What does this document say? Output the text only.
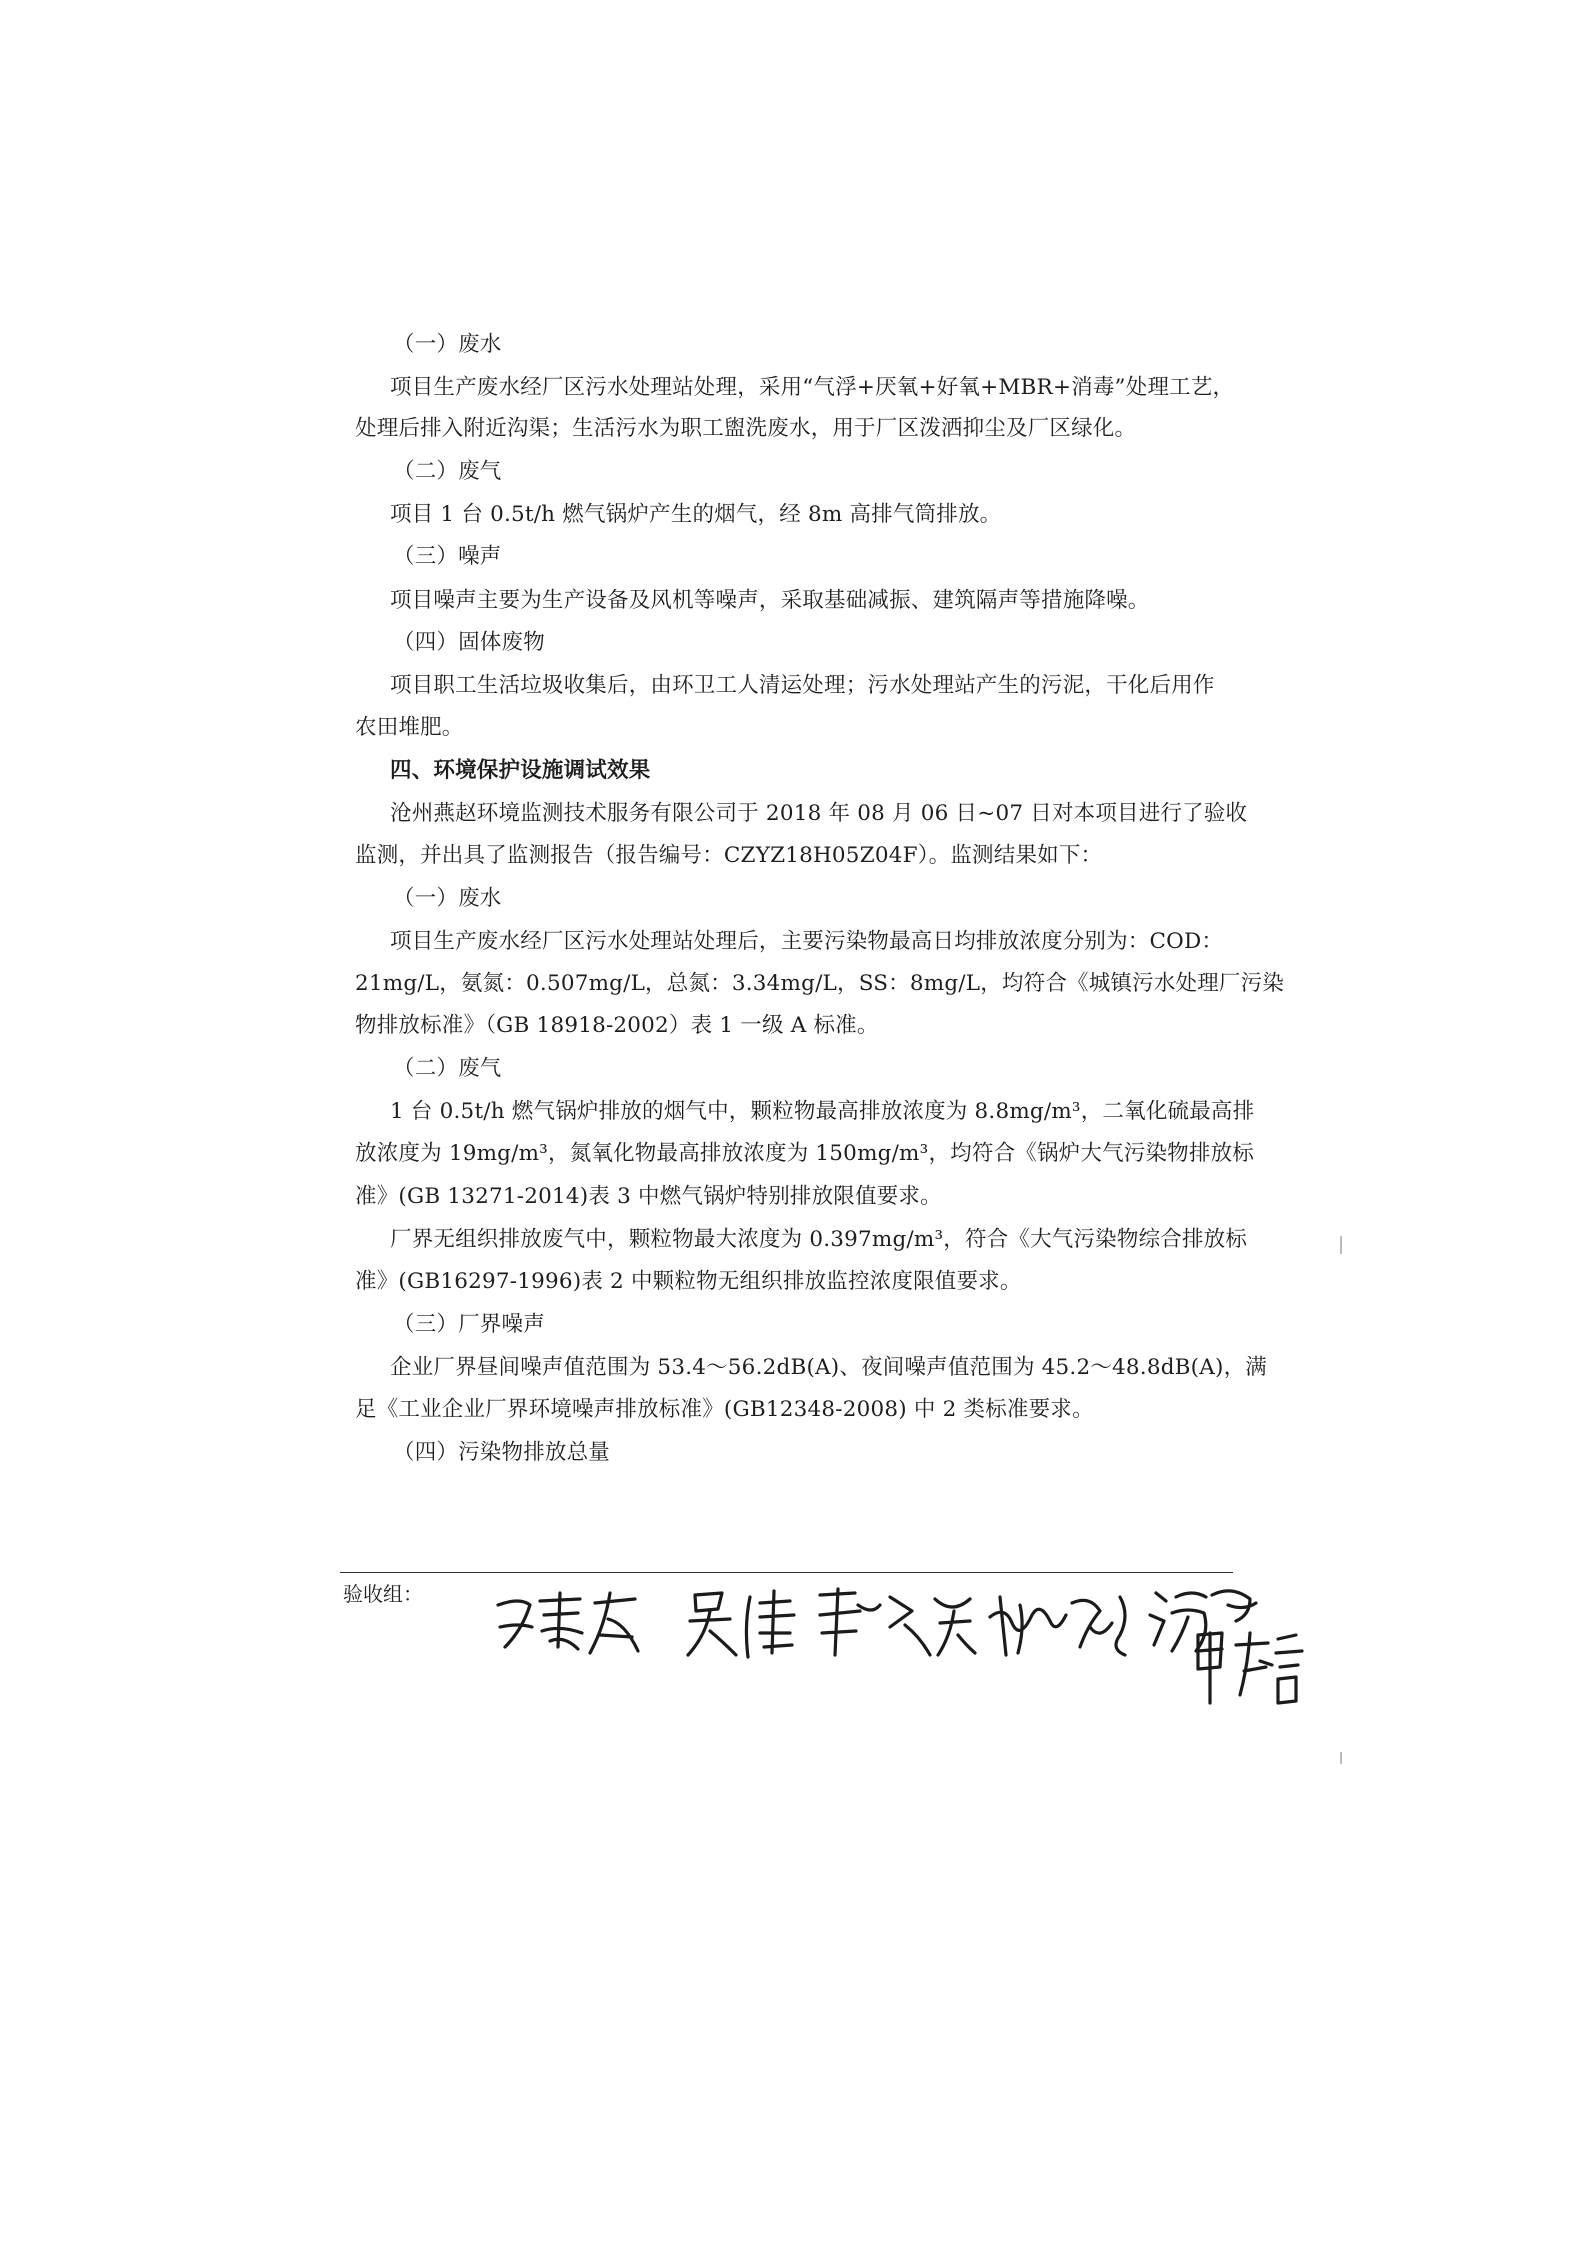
（一）废水
项目生产废水经厂区污水处理站处理，采用“气浮+厌氧+好氧+MBR+消毒”处理工艺，
处理后排入附近沟渠；生活污水为职工盥洗废水，用于厂区泼洒抑尘及厂区绿化。
（二）废气
项目 1 台 0.5t/h 燃气锅炉产生的烟气，经 8m 高排气筒排放。
（三）噪声
项目噪声主要为生产设备及风机等噪声，采取基础减振、建筑隔声等措施降噪。
（四）固体废物
项目职工生活垃圾收集后，由环卫工人清运处理；污水处理站产生的污泥，干化后用作
农田堆肥。
四、环境保护设施调试效果
沧州燕赵环境监测技术服务有限公司于 2018 年 08 月 06 日~07 日对本项目进行了验收
监测，并出具了监测报告（报告编号：CZYZ18H05Z04F）。监测结果如下：
（一）废水
项目生产废水经厂区污水处理站处理后，主要污染物最高日均排放浓度分别为：COD：
21mg/L，氨氮：0.507mg/L，总氮：3.34mg/L，SS：8mg/L，均符合《城镇污水处理厂污染
物排放标准》（GB 18918-2002）表 1 一级 A 标准。
（二）废气
1 台 0.5t/h 燃气锅炉排放的烟气中，颗粒物最高排放浓度为 8.8mg/m³，二氧化硫最高排
放浓度为 19mg/m³，氮氧化物最高排放浓度为 150mg/m³，均符合《锅炉大气污染物排放标
准》(GB 13271-2014)表 3 中燃气锅炉特别排放限值要求。
厂界无组织排放废气中，颗粒物最大浓度为 0.397mg/m³，符合《大气污染物综合排放标
准》(GB16297-1996)表 2 中颗粒物无组织排放监控浓度限值要求。
（三）厂界噪声
企业厂界昼间噪声值范围为 53.4～56.2dB(A)、夜间噪声值范围为 45.2～48.8dB(A)，满
足《工业企业厂界环境噪声排放标准》(GB12348-2008) 中 2 类标准要求。
（四）污染物排放总量
验收组：
